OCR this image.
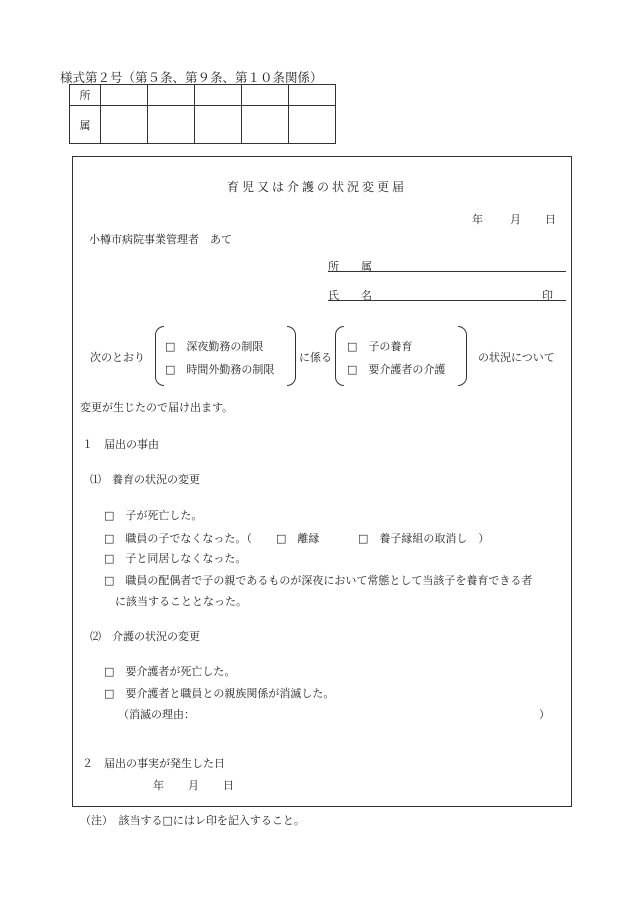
様式第２号（第５条、第９条、第１０条関係）
所					
属					
育児又は介護の状況変更届
年 月 日
小樽市病院事業管理者　あて
所　　属
氏　　名	印
次のとおり
□　深夜勤務の制限
□　時間外勤務の制限
に係る
□　子の養育
□　要介護者の介護
の状況について
変更が生じたので届け出ます。
１　届出の事由
⑴　養育の状況の変更
□　子が死亡した。
□　職員の子でなくなった。（ □　離縁	□　養子縁組の取消し　）
□　子と同居しなくなった。
□　職員の配偶者で子の親であるものが深夜において常態として当該子を養育できる者
に該当することとなった。
⑵　介護の状況の変更
□　要介護者が死亡した。
□　要介護者と職員との親族関係が消滅した。
（消滅の理由：	）
２　届出の事実が発生した日
年 月 日
（注）　該当する□にはレ印を記入すること。
